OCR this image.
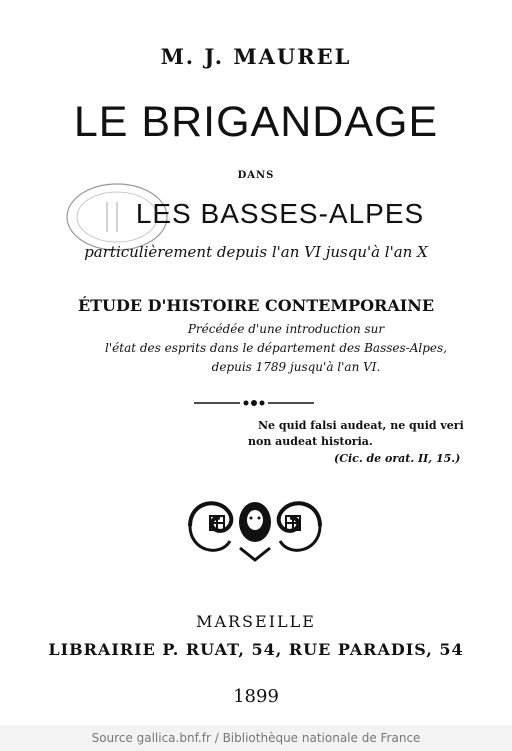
M. J. MAUREL
LE BRIGANDAGE
DANS
LES BASSES-ALPES
particulièrement depuis l'an VI jusqu'à l'an X
ÉTUDE D'HISTOIRE CONTEMPORAINE
Précédée d'une introduction sur
l'état des esprits dans le département des Basses-Alpes,
depuis 1789 jusqu'à l'an VI.
Ne quid falsi audeat, ne quid veri
non audeat historia.
(Cic. de orat. II, 15.)
MARSEILLE
LIBRAIRIE P. RUAT, 54, RUE PARADIS, 54
1899
Source gallica.bnf.fr / Bibliothèque nationale de France
